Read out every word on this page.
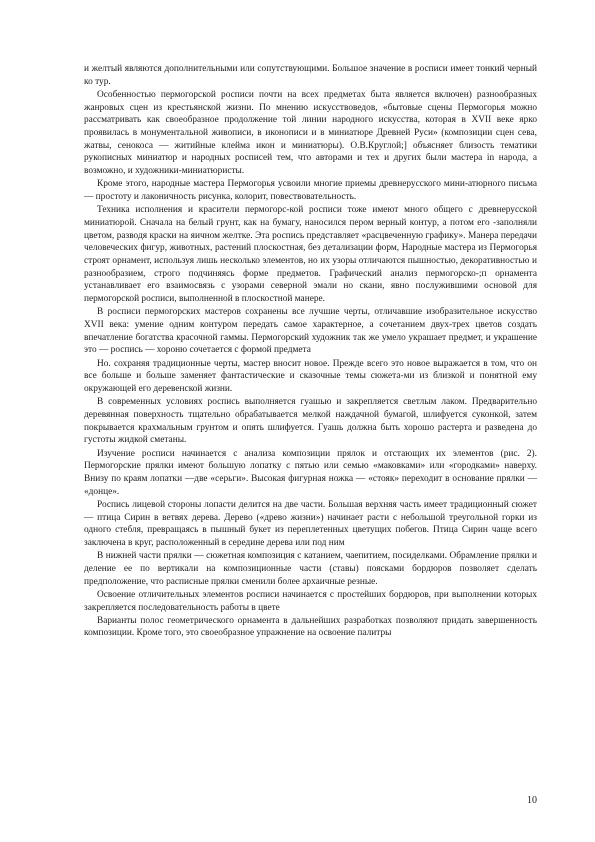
и желтый являются дополнительными или сопутствующими. Большое значение в росписи имеет тонкий черный ко тур.

Особенностью пермогорской росписи почти на всех предметах быта является включен) разнообразных жанровых сцен из крестьянской жизни. По мнению искусствоведов, «бытовые сцены Пермогорья можно рассматривать как своеобразное продолжение той линии народного искусства, которая в XVII веке ярко проявилась в монументальной живописи, в иконописи и в миниатюре Древней Руси» (композиции сцен сева, жатвы, сенокоса — житийные клейма икон и миниатюры). О.В.Круглой;] объясняет близость тематики рукописных миниатюр и народных росписей тем, что авторами и тех и других были мастера in народа, а возможно, и художники-миниатюристы.

Кроме этого, народные мастера Пермогорья усвоили многие приемы древнерусского мини-атюрного письма — простоту и лаконичность рисунка, колорит, повествовательность.

Техника исполнения и красители пермогорс-кой росписи тоже имеют много общего с древнерусской миниатюрой. Сначала на белый грунт, как на бумагу, наносился пером верный контур, а потом его -заполняли цветом, разводя краски на яичном желтке. Эта роспись представляет «расцвеченную графику». Манера передачи человеческих фигур, животных, растений плоскостная, без детализации форм, Народные мастера из Пермогорья строят орнамент, используя лишь несколько элементов, но их узоры отличаются пышностью, декоративностью и разнообразием, строго подчиняясь форме предметов. Графический анализ пермогорско-;п орнамента устанавливает его взаимосвязь с узорами северной эмали но скани, явно послужившими основой для пермогорской росписи, выполненной в плоскостной манере.

В росписи пермогорских мастеров сохранены все лучшие черты, отличавшие изобразительное искусство XVII века: умение одним контуром передать самое характерное, а сочетанием двух-трех цветов создать впечатление богатства красочной гаммы. Пермогорский художник так же умело украшает предмет, и украшение это — роспись — хороню сочетается с формой предмета

Но. сохраняя традиционные черты, мастер вносит новое. Прежде всего это новое выражается в том, что он все больше и больше заменяет фантастические и сказочные темы сюжета-ми из близкой и понятной ему окружающей его деревенской жизни.

В современных условиях роспись выполняется гуашью и закрепляется светлым лаком. Предварительно деревянная поверхность тщательно обрабатывается мелкой наждачной бумагой, шлифуется суконкой, затем покрывается крахмальным грунтом и опять шлифуется. Гуашь должна быть хорошо растерта и разведена до густоты жидкой сметаны.

Изучение росписи начинается с анализа композиции прялок и отстающих их элементов (рис. 2). Пермогорские прялки имеют большую лопатку с пятью или семью «маковками» или «городками» наверху. Внизу по краям лопатки —две «серьги». Высокая фигурная ножка — «стояк» переходит в основание прялки — «донце».

Роспись лицевой стороны лопасти делится на две части. Большая верхняя часть имеет традиционный сюжет — птица Сирин в ветвях дерева. Дерево («древо жизни») начинает расти с небольшой треугольной горки из одного стебля, превращаясь в пышный букет из переплетенных цветущих побегов. Птица Сирин чаще всего заключена в круг, расположенный в середине дерева или под ним

В нижней части прялки — сюжетная композиция с катанием, чаепитием, посиделками. Обрамление прялки и деление ее по вертикали на композиционные части (ставы) поясками бордюров позволяет сделать предположение, что расписные прялки сменили более архаичные резные.

Освоение отличительных элементов росписи начинается с простейших бордюров, при выполнении которых закрепляется последовательность работы в цвете

Варианты полос геометрического орнамента в дальнейших разработках позволяют придать завершенность композиции. Кроме того, это своеобразное упражнение на освоение палитры

10
